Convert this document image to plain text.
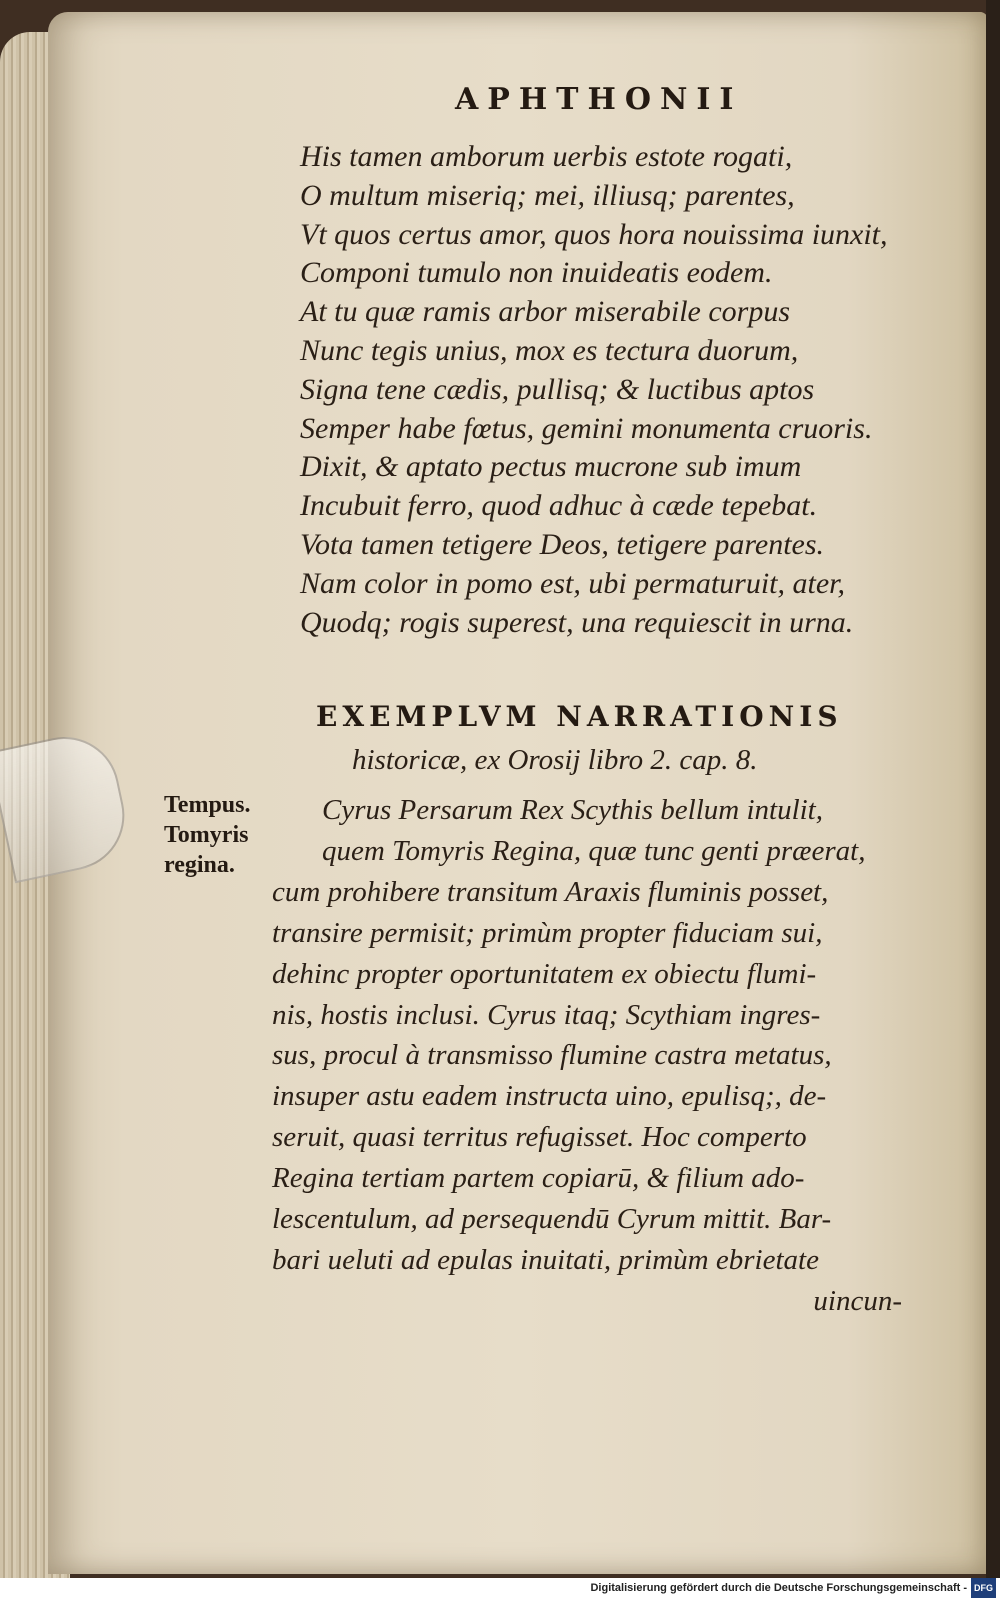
APHTHONII
His tamen amborum uerbis estote rogati,
O multum miseriq; mei, illiusq; parentes,
Vt quos certus amor, quos hora nouissima iunxit,
Componi tumulo non inuideatis eodem.
At tu quæ ramis arbor miserabile corpus
Nunc tegis unius, mox es tectura duorum,
Signa tene cædis, pullisq; & luctibus aptos
Semper habe fœtus, gemini monumenta cruoris.
Dixit, & aptato pectus mucrone sub imum
Incubuit ferro, quod adhuc à cæde tepebat.
Vota tamen tetigere Deos, tetigere parentes.
Nam color in pomo est, ubi permaturuit, ater,
Quodq; rogis superest, una requiescit in urna.
EXEMPLVM NARRATIONIS
historicæ, ex Orosij libro 2. cap. 8.
Tempus.
Tomyris
regina.
Cyrus Persarum Rex Scythis bellum intulit,
quem Tomyris Regina, quæ tunc genti præerat,
cum prohibere transitum Araxis fluminis posset,
transire permisit; primùm propter fiduciam sui,
dehinc propter oportunitatem ex obiectu flumi-
nis, hostis inclusi. Cyrus itaq; Scythiam ingres-
sus, procul à transmisso flumine castra metatus,
insuper astu eadem instructa uino, epulisq;, de-
seruit, quasi territus refugisset. Hoc comperto
Regina tertiam partem copiarū, & filium ado-
lescentulum, ad persequendū Cyrum mittit. Bar-
bari ueluti ad epulas inuitati, primùm ebrietate
uincun-
Digitalisierung gefördert durch die Deutsche Forschungsgemeinschaft - DFG
